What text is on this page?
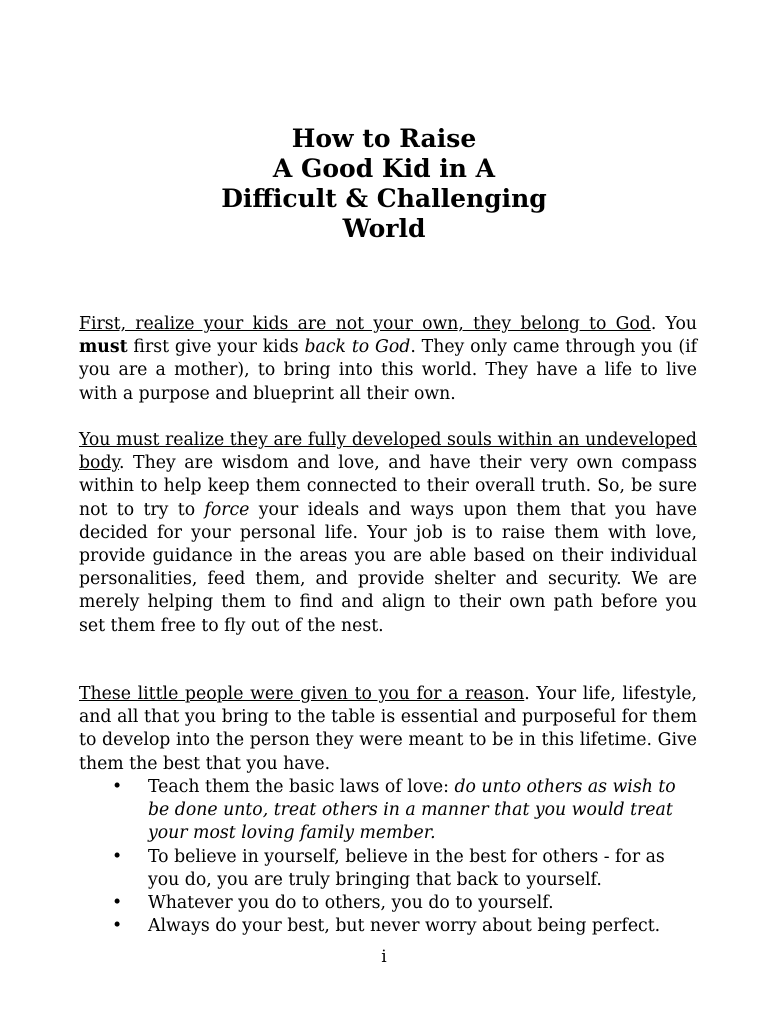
How to Raise
A Good Kid in A
Difficult & Challenging
World

First, realize your kids are not your own, they belong to God. You must first give your kids back to God. They only came through you (if you are a mother), to bring into this world. They have a life to live with a purpose and blueprint all their own.

You must realize they are fully developed souls within an undeveloped body. They are wisdom and love, and have their very own compass within to help keep them connected to their overall truth. So, be sure not to try to force your ideals and ways upon them that you have decided for your personal life. Your job is to raise them with love, provide guidance in the areas you are able based on their individual personalities, feed them, and provide shelter and security. We are merely helping them to find and align to their own path before you set them free to fly out of the nest.

These little people were given to you for a reason. Your life, lifestyle, and all that you bring to the table is essential and purposeful for them to develop into the person they were meant to be in this lifetime. Give them the best that you have.

• Teach them the basic laws of love: do unto others as wish to be done unto, treat others in a manner that you would treat your most loving family member.
• To believe in yourself, believe in the best for others - for as you do, you are truly bringing that back to yourself.
• Whatever you do to others, you do to yourself.
• Always do your best, but never worry about being perfect.
i
